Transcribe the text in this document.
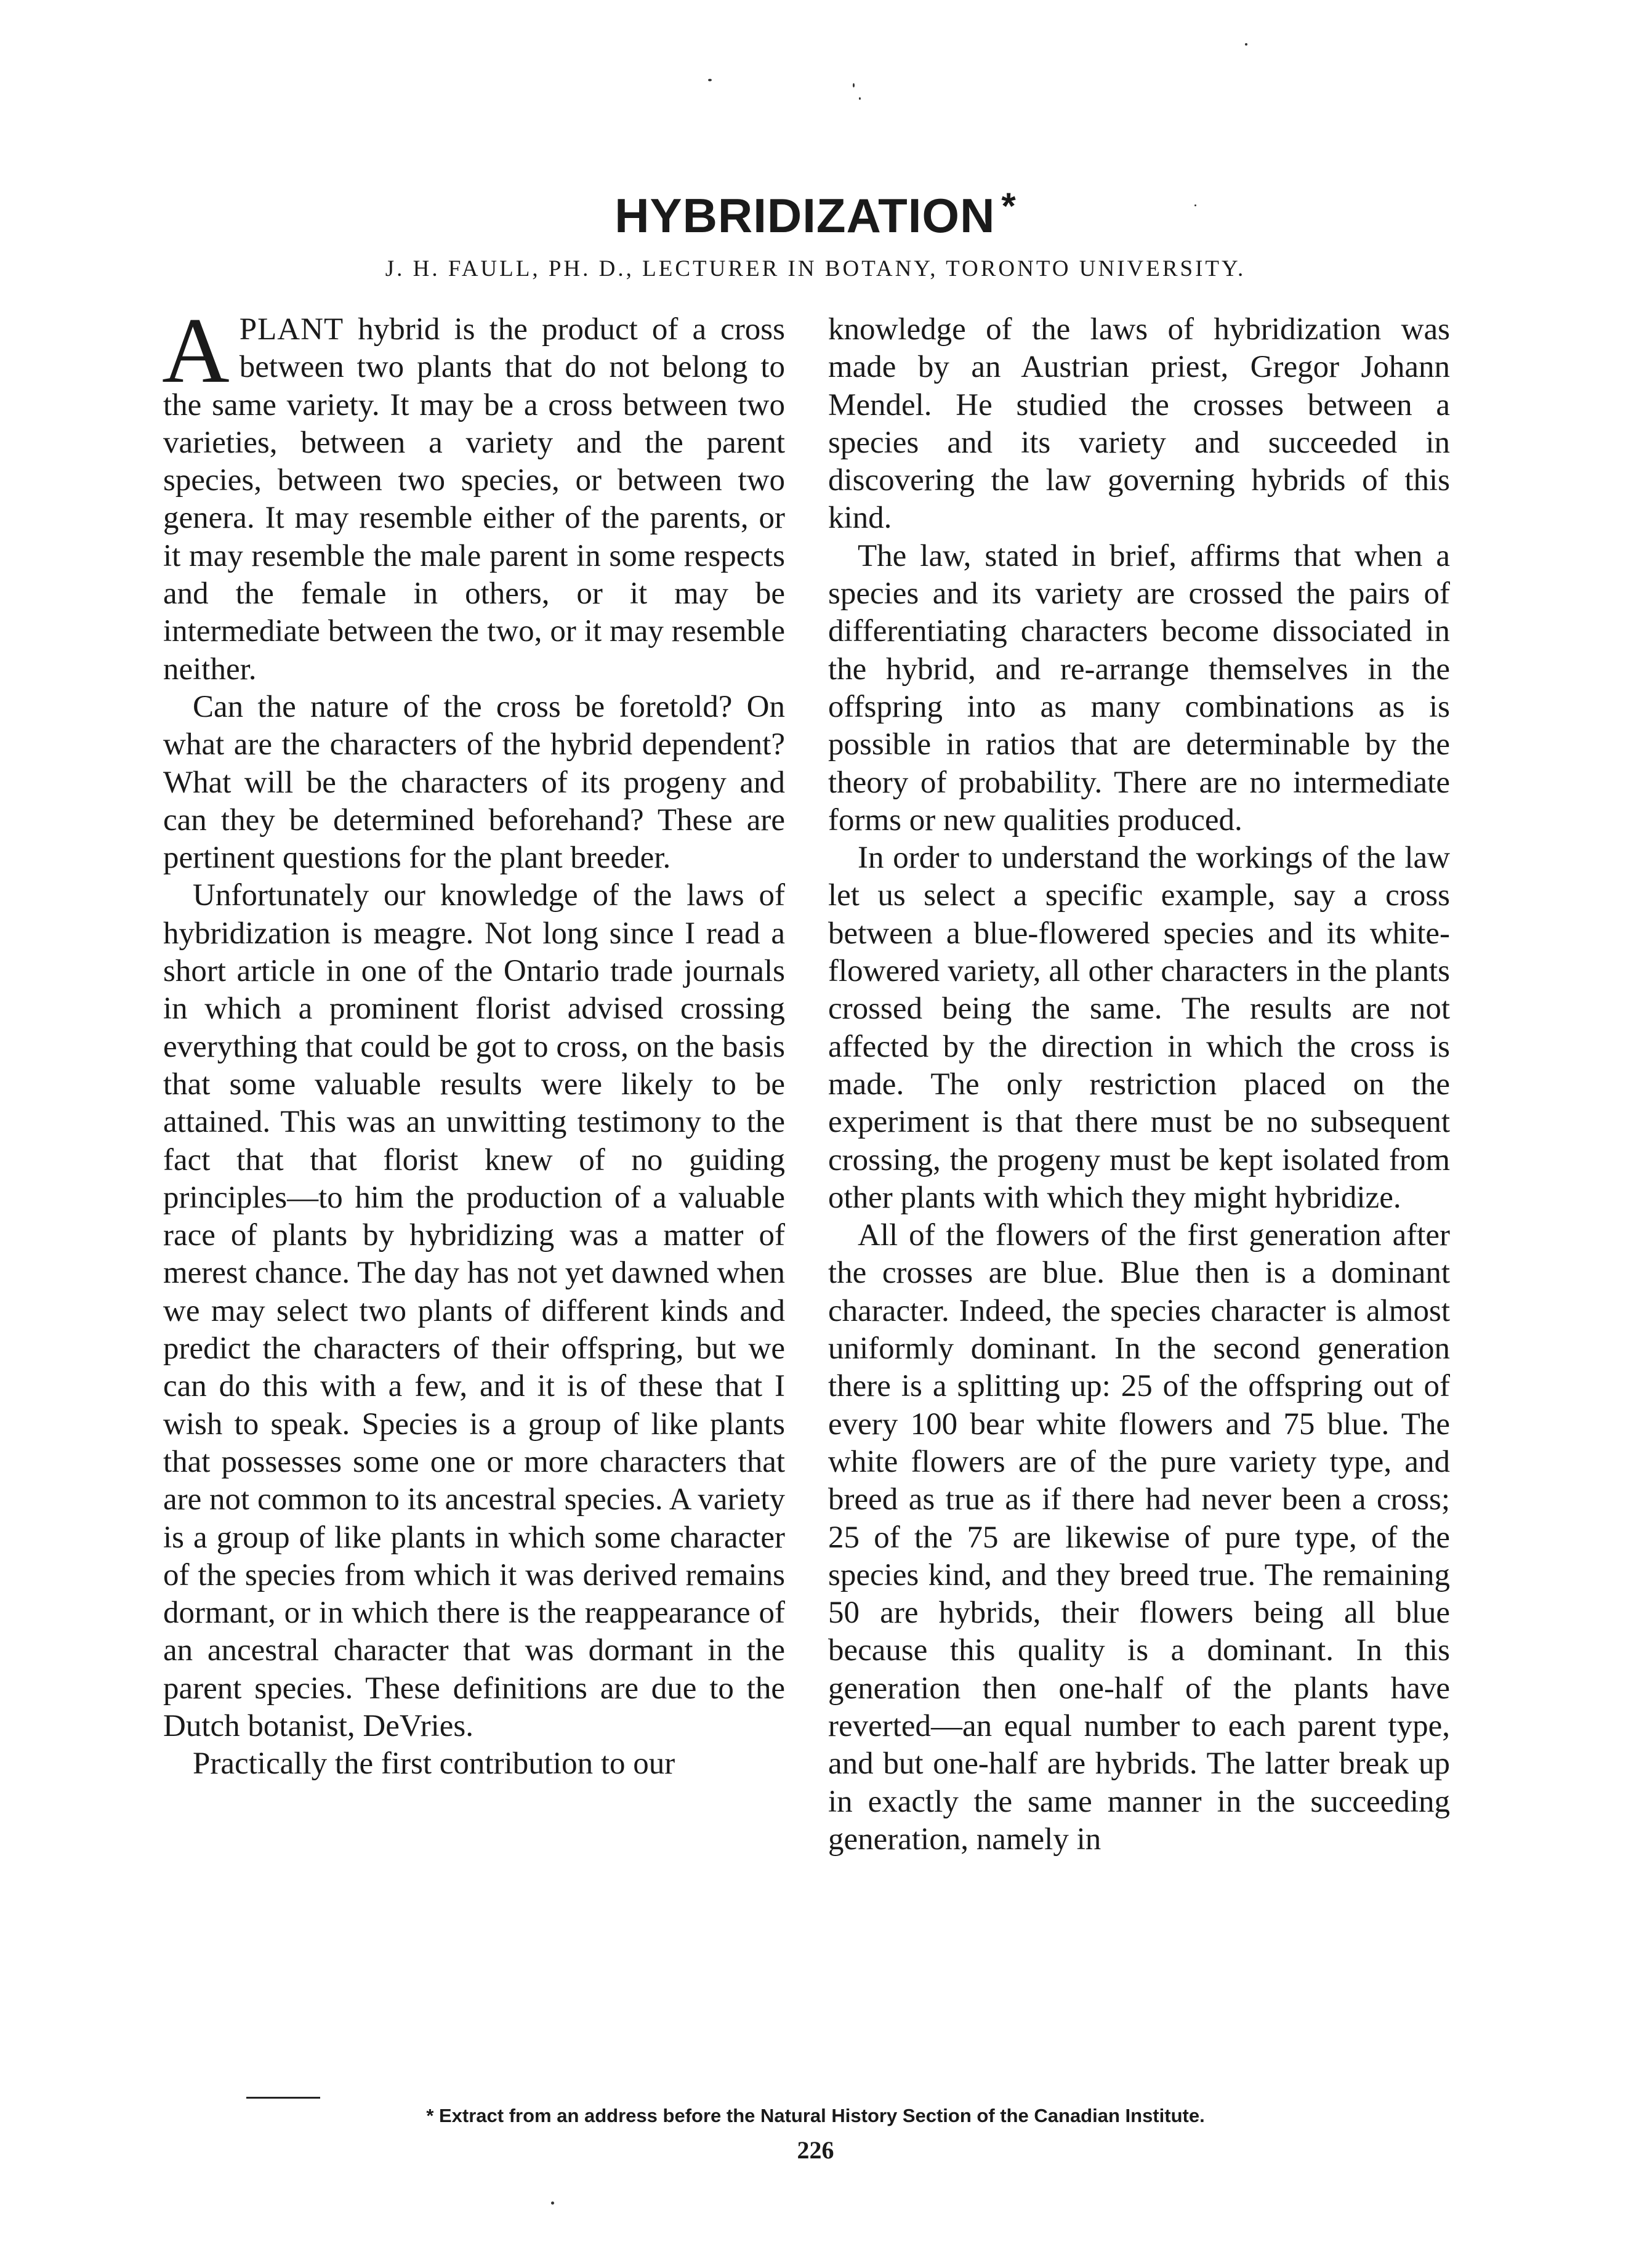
HYBRIDIZATION *

J. H. FAULL, PH. D., LECTURER IN BOTANY, TORONTO UNIVERSITY.

APLANT hybrid is the product of a cross between two plants that do not belong to the same variety. It may be a cross between two varieties, between a variety and the parent species, between two species, or between two genera. It may resemble either of the parents, or it may resemble the male parent in some respects and the female in others, or it may be intermediate between the two, or it may resemble neither.

Can the nature of the cross be foretold? On what are the characters of the hybrid dependent? What will be the characters of its progeny and can they be determined beforehand? These are pertinent questions for the plant breeder.

Unfortunately our knowledge of the laws of hybridization is meagre. Not long since I read a short article in one of the Ontario trade journals in which a prominent florist advised crossing everything that could be got to cross, on the basis that some valuable results were likely to be attained. This was an unwitting testimony to the fact that that florist knew of no guiding principles—to him the production of a valuable race of plants by hybridizing was a matter of merest chance. The day has not yet dawned when we may select two plants of different kinds and predict the characters of their offspring, but we can do this with a few, and it is of these that I wish to speak. Species is a group of like plants that possesses some one or more characters that are not common to its ancestral species. A variety is a group of like plants in which some character of the species from which it was derived remains dormant, or in which there is the reappearance of an ancestral character that was dormant in the parent species. These definitions are due to the Dutch botanist, DeVries.

Practically the first contribution to our

knowledge of the laws of hybridization was made by an Austrian priest, Gregor Johann Mendel. He studied the crosses between a species and its variety and succeeded in discovering the law governing hybrids of this kind.

The law, stated in brief, affirms that when a species and its variety are crossed the pairs of differentiating characters become dissociated in the hybrid, and re-arrange themselves in the offspring into as many combinations as is possible in ratios that are determinable by the theory of probability. There are no intermediate forms or new qualities produced.

In order to understand the workings of the law let us select a specific example, say a cross between a blue-flowered species and its white-flowered variety, all other characters in the plants crossed being the same. The results are not affected by the direction in which the cross is made. The only restriction placed on the experiment is that there must be no subsequent crossing, the progeny must be kept isolated from other plants with which they might hybridize.

All of the flowers of the first generation after the crosses are blue. Blue then is a dominant character. Indeed, the species character is almost uniformly dominant. In the second generation there is a splitting up: 25 of the offspring out of every 100 bear white flowers and 75 blue. The white flowers are of the pure variety type, and breed as true as if there had never been a cross; 25 of the 75 are likewise of pure type, of the species kind, and they breed true. The remaining 50 are hybrids, their flowers being all blue because this quality is a dominant. In this generation then one-half of the plants have reverted—an equal number to each parent type, and but one-half are hybrids. The latter break up in exactly the same manner in the succeeding generation, namely in

* Extract from an address before the Natural History Section of the Canadian Institute.

226
